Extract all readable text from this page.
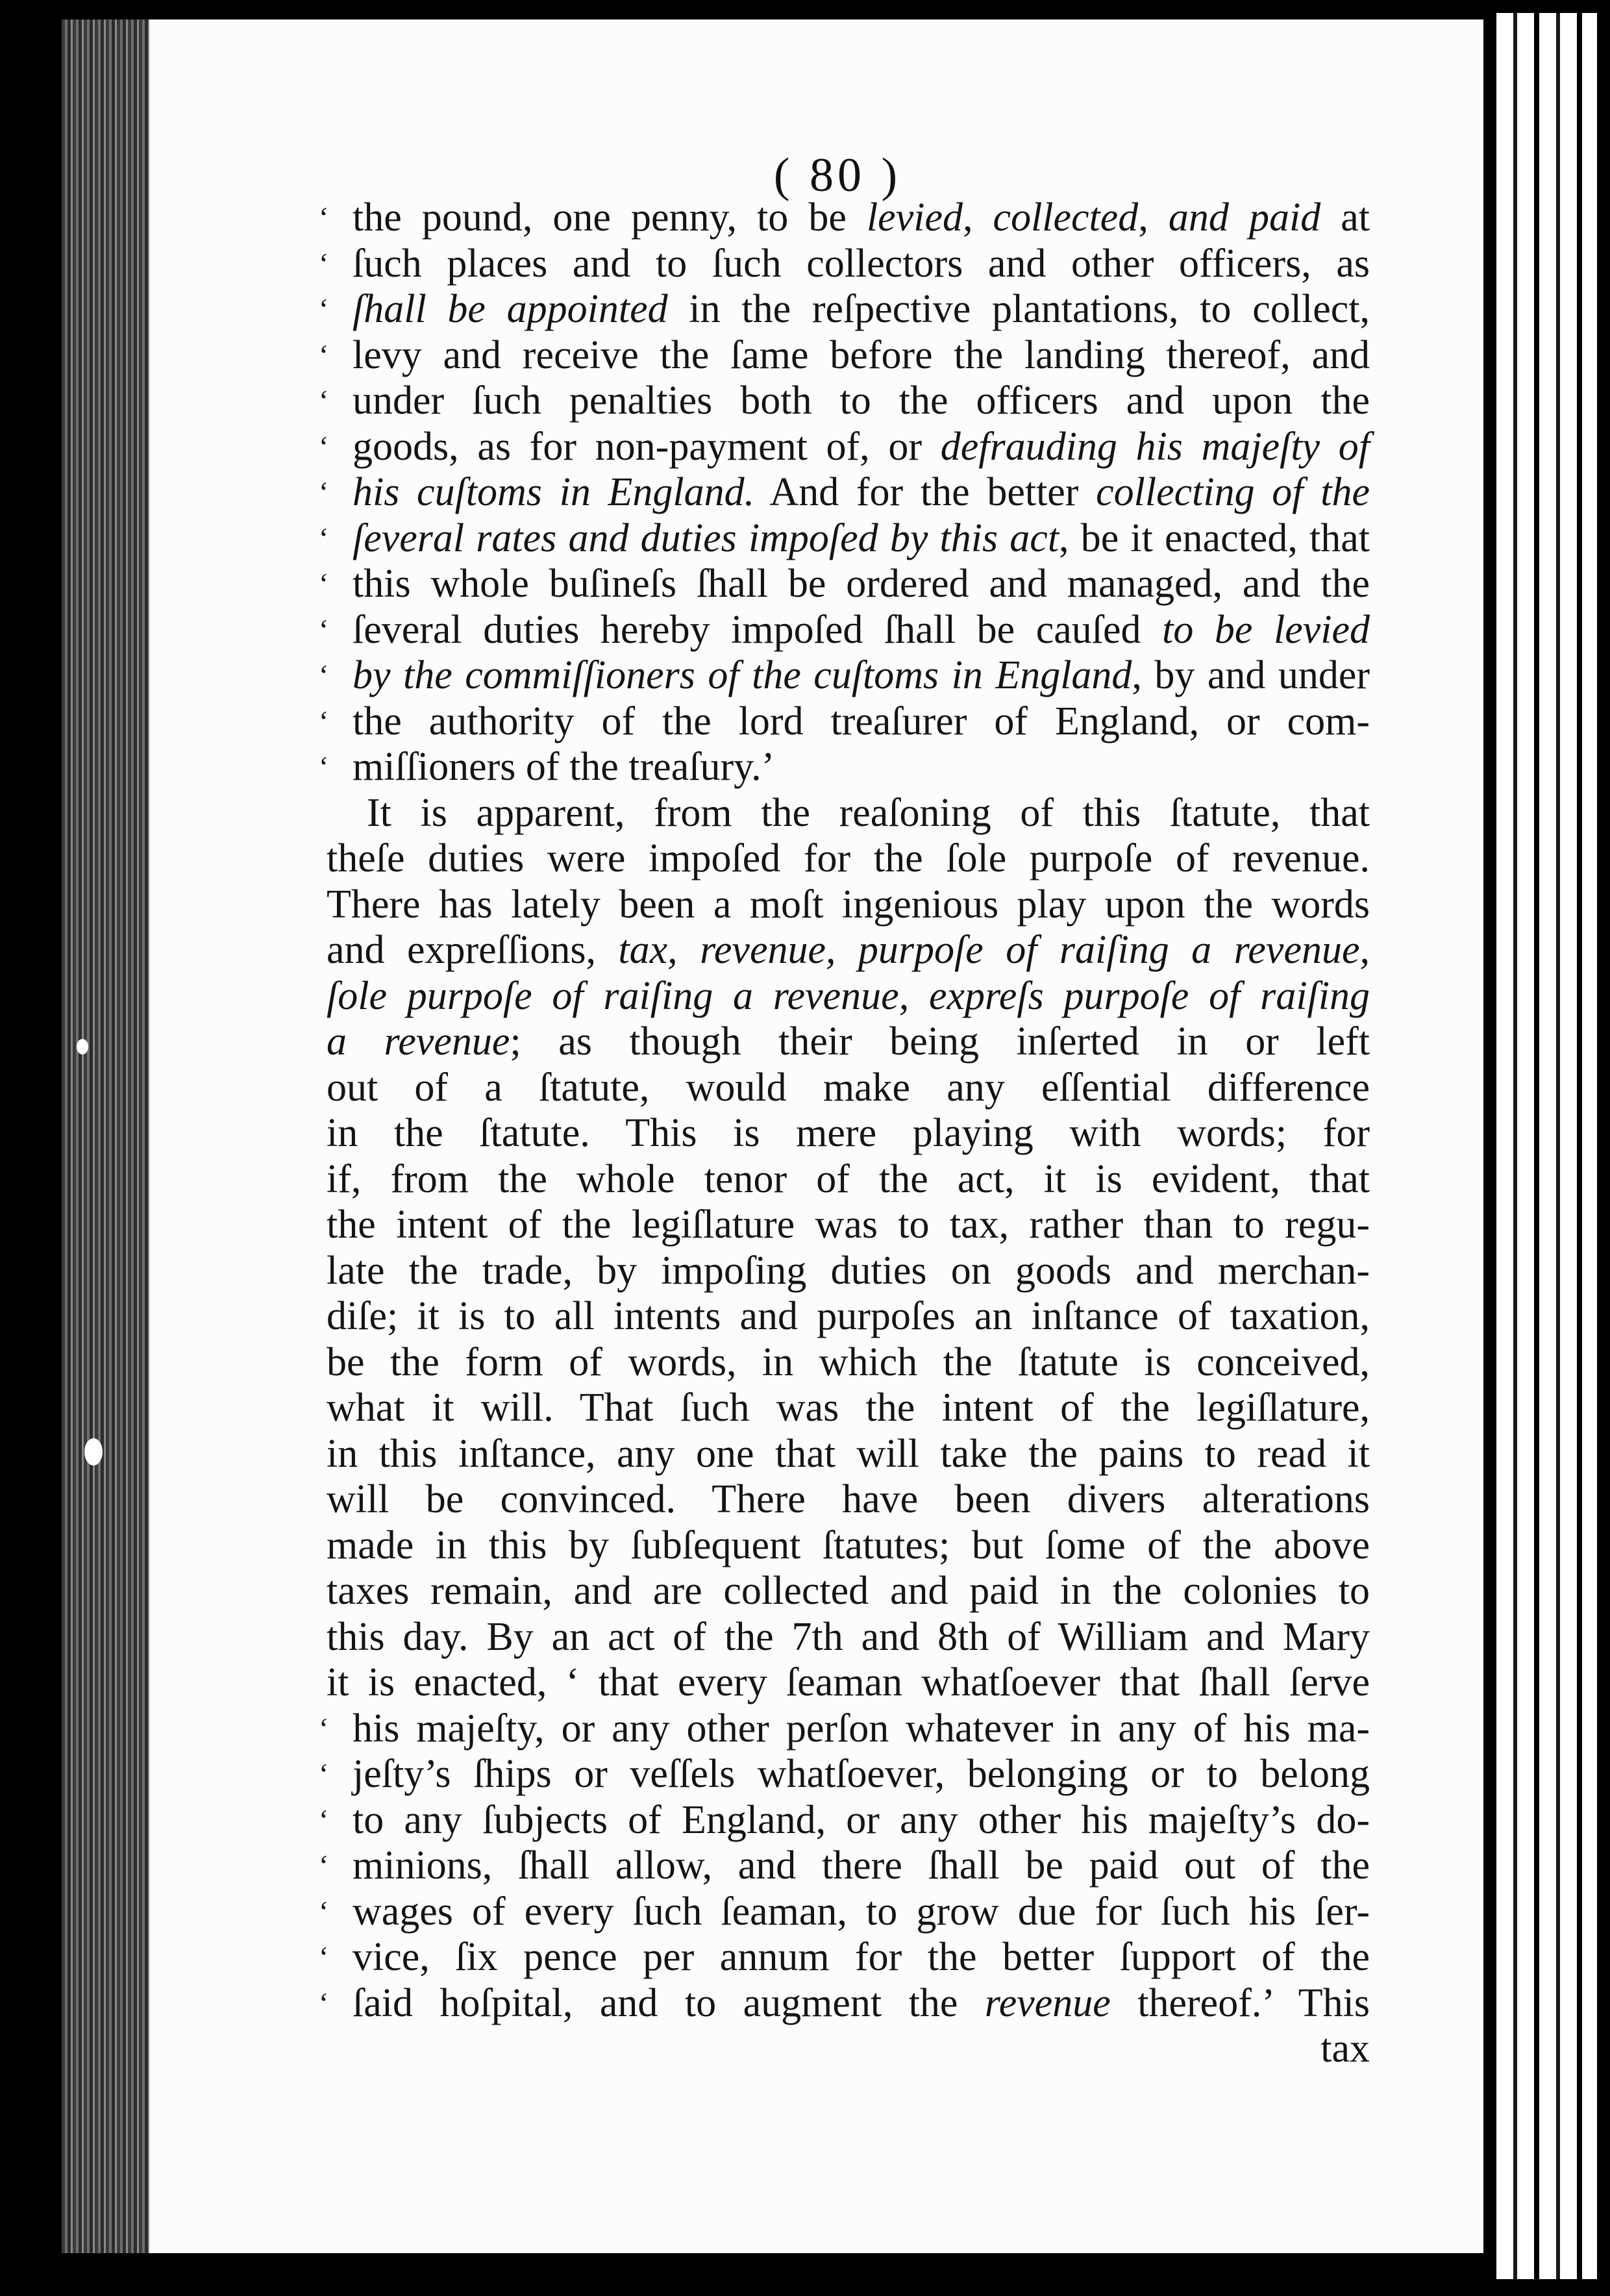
( 80 )
‘ the pound, one penny, to be levied, collected, and paid at
‘ ſuch places and to ſuch collectors and other officers, as
‘ ſhall be appointed in the reſpective plantations, to collect,
‘ levy and receive the ſame before the landing thereof, and
‘ under ſuch penalties both to the officers and upon the
‘ goods, as for non-payment of, or defrauding his majeſty of
‘ his cuſtoms in England. And for the better collecting of the
‘ ſeveral rates and duties impoſed by this act, be it enacted, that
‘ this whole buſineſs ſhall be ordered and managed, and the
‘ ſeveral duties hereby impoſed ſhall be cauſed to be levied
‘ by the commiſſioners of the cuſtoms in England, by and under
‘ the authority of the lord treaſurer of England, or com-
‘ miſſioners of the treaſury.’
It is apparent, from the reaſoning of this ſtatute, that
theſe duties were impoſed for the ſole purpoſe of revenue.
There has lately been a moſt ingenious play upon the words
and expreſſions, tax, revenue, purpoſe of raiſing a revenue,
ſole purpoſe of raiſing a revenue, expreſs purpoſe of raiſing
a revenue; as though their being inſerted in or left
out of a ſtatute, would make any eſſential difference
in the ſtatute. This is mere playing with words; for
if, from the whole tenor of the act, it is evident, that
the intent of the legiſlature was to tax, rather than to regu-
late the trade, by impoſing duties on goods and merchan-
diſe; it is to all intents and purpoſes an inſtance of taxation,
be the form of words, in which the ſtatute is conceived,
what it will. That ſuch was the intent of the legiſlature,
in this inſtance, any one that will take the pains to read it
will be convinced. There have been divers alterations
made in this by ſubſequent ſtatutes; but ſome of the above
taxes remain, and are collected and paid in the colonies to
this day. By an act of the 7th and 8th of William and Mary
it is enacted, ‘ that every ſeaman whatſoever that ſhall ſerve
‘ his majeſty, or any other perſon whatever in any of his ma-
‘ jeſty’s ſhips or veſſels whatſoever, belonging or to belong
‘ to any ſubjects of England, or any other his majeſty’s do-
‘ minions, ſhall allow, and there ſhall be paid out of the
‘ wages of every ſuch ſeaman, to grow due for ſuch his ſer-
‘ vice, ſix pence per annum for the better ſupport of the
‘ ſaid hoſpital, and to augment the revenue thereof.’ This
tax
